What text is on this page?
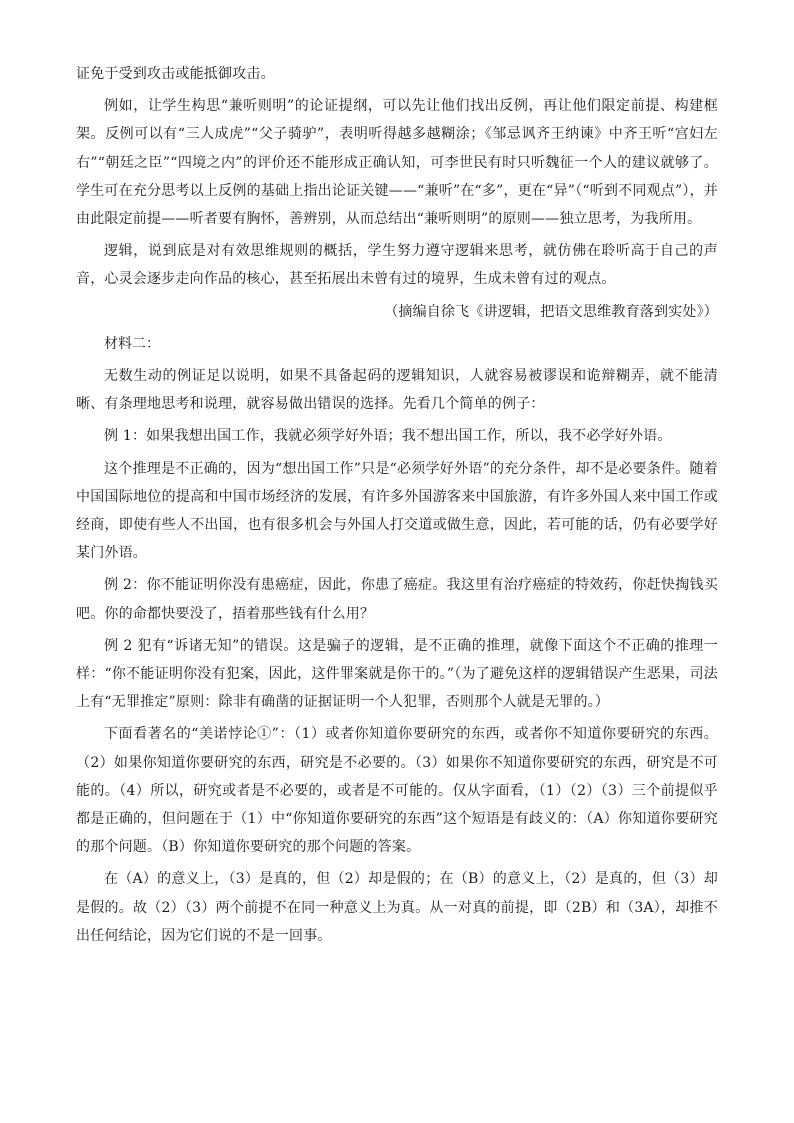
证免于受到攻击或能抵御攻击。

例如，让学生构思“兼听则明”的论证提纲，可以先让他们找出反例，再让他们限定前提、构建框架。反例可以有“三人成虎”“父子骑驴”，表明听得越多越糊涂；《邹忌讽齐王纳谏》中齐王听“宫妇左右”“朝廷之臣”“四境之内”的评价还不能形成正确认知，可李世民有时只听魏征一个人的建议就够了。学生可在充分思考以上反例的基础上指出论证关键——“兼听”在“多”，更在“异”（“听到不同观点”），并由此限定前提——听者要有胸怀，善辨别，从而总结出“兼听则明”的原则——独立思考，为我所用。

逻辑，说到底是对有效思维规则的概括，学生努力遵守逻辑来思考，就仿佛在聆听高于自己的声音，心灵会逐步走向作品的核心，甚至拓展出未曾有过的境界，生成未曾有过的观点。

（摘编自徐飞《讲逻辑，把语文思维教育落到实处》）

材料二：

无数生动的例证足以说明，如果不具备起码的逻辑知识，人就容易被谬误和诡辩糊弄，就不能清晰、有条理地思考和说理，就容易做出错误的选择。先看几个简单的例子：

例 1：如果我想出国工作，我就必须学好外语；我不想出国工作，所以，我不必学好外语。

这个推理是不正确的，因为“想出国工作”只是“必须学好外语”的充分条件，却不是必要条件。随着中国国际地位的提高和中国市场经济的发展，有许多外国游客来中国旅游，有许多外国人来中国工作或经商，即使有些人不出国，也有很多机会与外国人打交道或做生意，因此，若可能的话，仍有必要学好某门外语。

例 2：你不能证明你没有患癌症，因此，你患了癌症。我这里有治疗癌症的特效药，你赶快掏钱买吧。你的命都快要没了，捂着那些钱有什么用？

例 2 犯有“诉诸无知”的错误。这是骗子的逻辑，是不正确的推理，就像下面这个不正确的推理一样：“你不能证明你没有犯案，因此，这件罪案就是你干的。”（为了避免这样的逻辑错误产生恶果，司法上有“无罪推定”原则：除非有确凿的证据证明一个人犯罪，否则那个人就是无罪的。）

下面看著名的“美诺悖论①”：（1）或者你知道你要研究的东西，或者你不知道你要研究的东西。（2）如果你知道你要研究的东西，研究是不必要的。（3）如果你不知道你要研究的东西，研究是不可能的。（4）所以，研究或者是不必要的，或者是不可能的。仅从字面看，（1）（2）（3）三个前提似乎都是正确的，但问题在于（1）中“你知道你要研究的东西”这个短语是有歧义的：（A）你知道你要研究的那个问题。（B）你知道你要研究的那个问题的答案。

在（A）的意义上，（3）是真的，但（2）却是假的；在（B）的意义上，（2）是真的，但（3）却是假的。故（2）（3）两个前提不在同一种意义上为真。从一对真的前提，即（2B）和（3A），却推不出任何结论，因为它们说的不是一回事。
